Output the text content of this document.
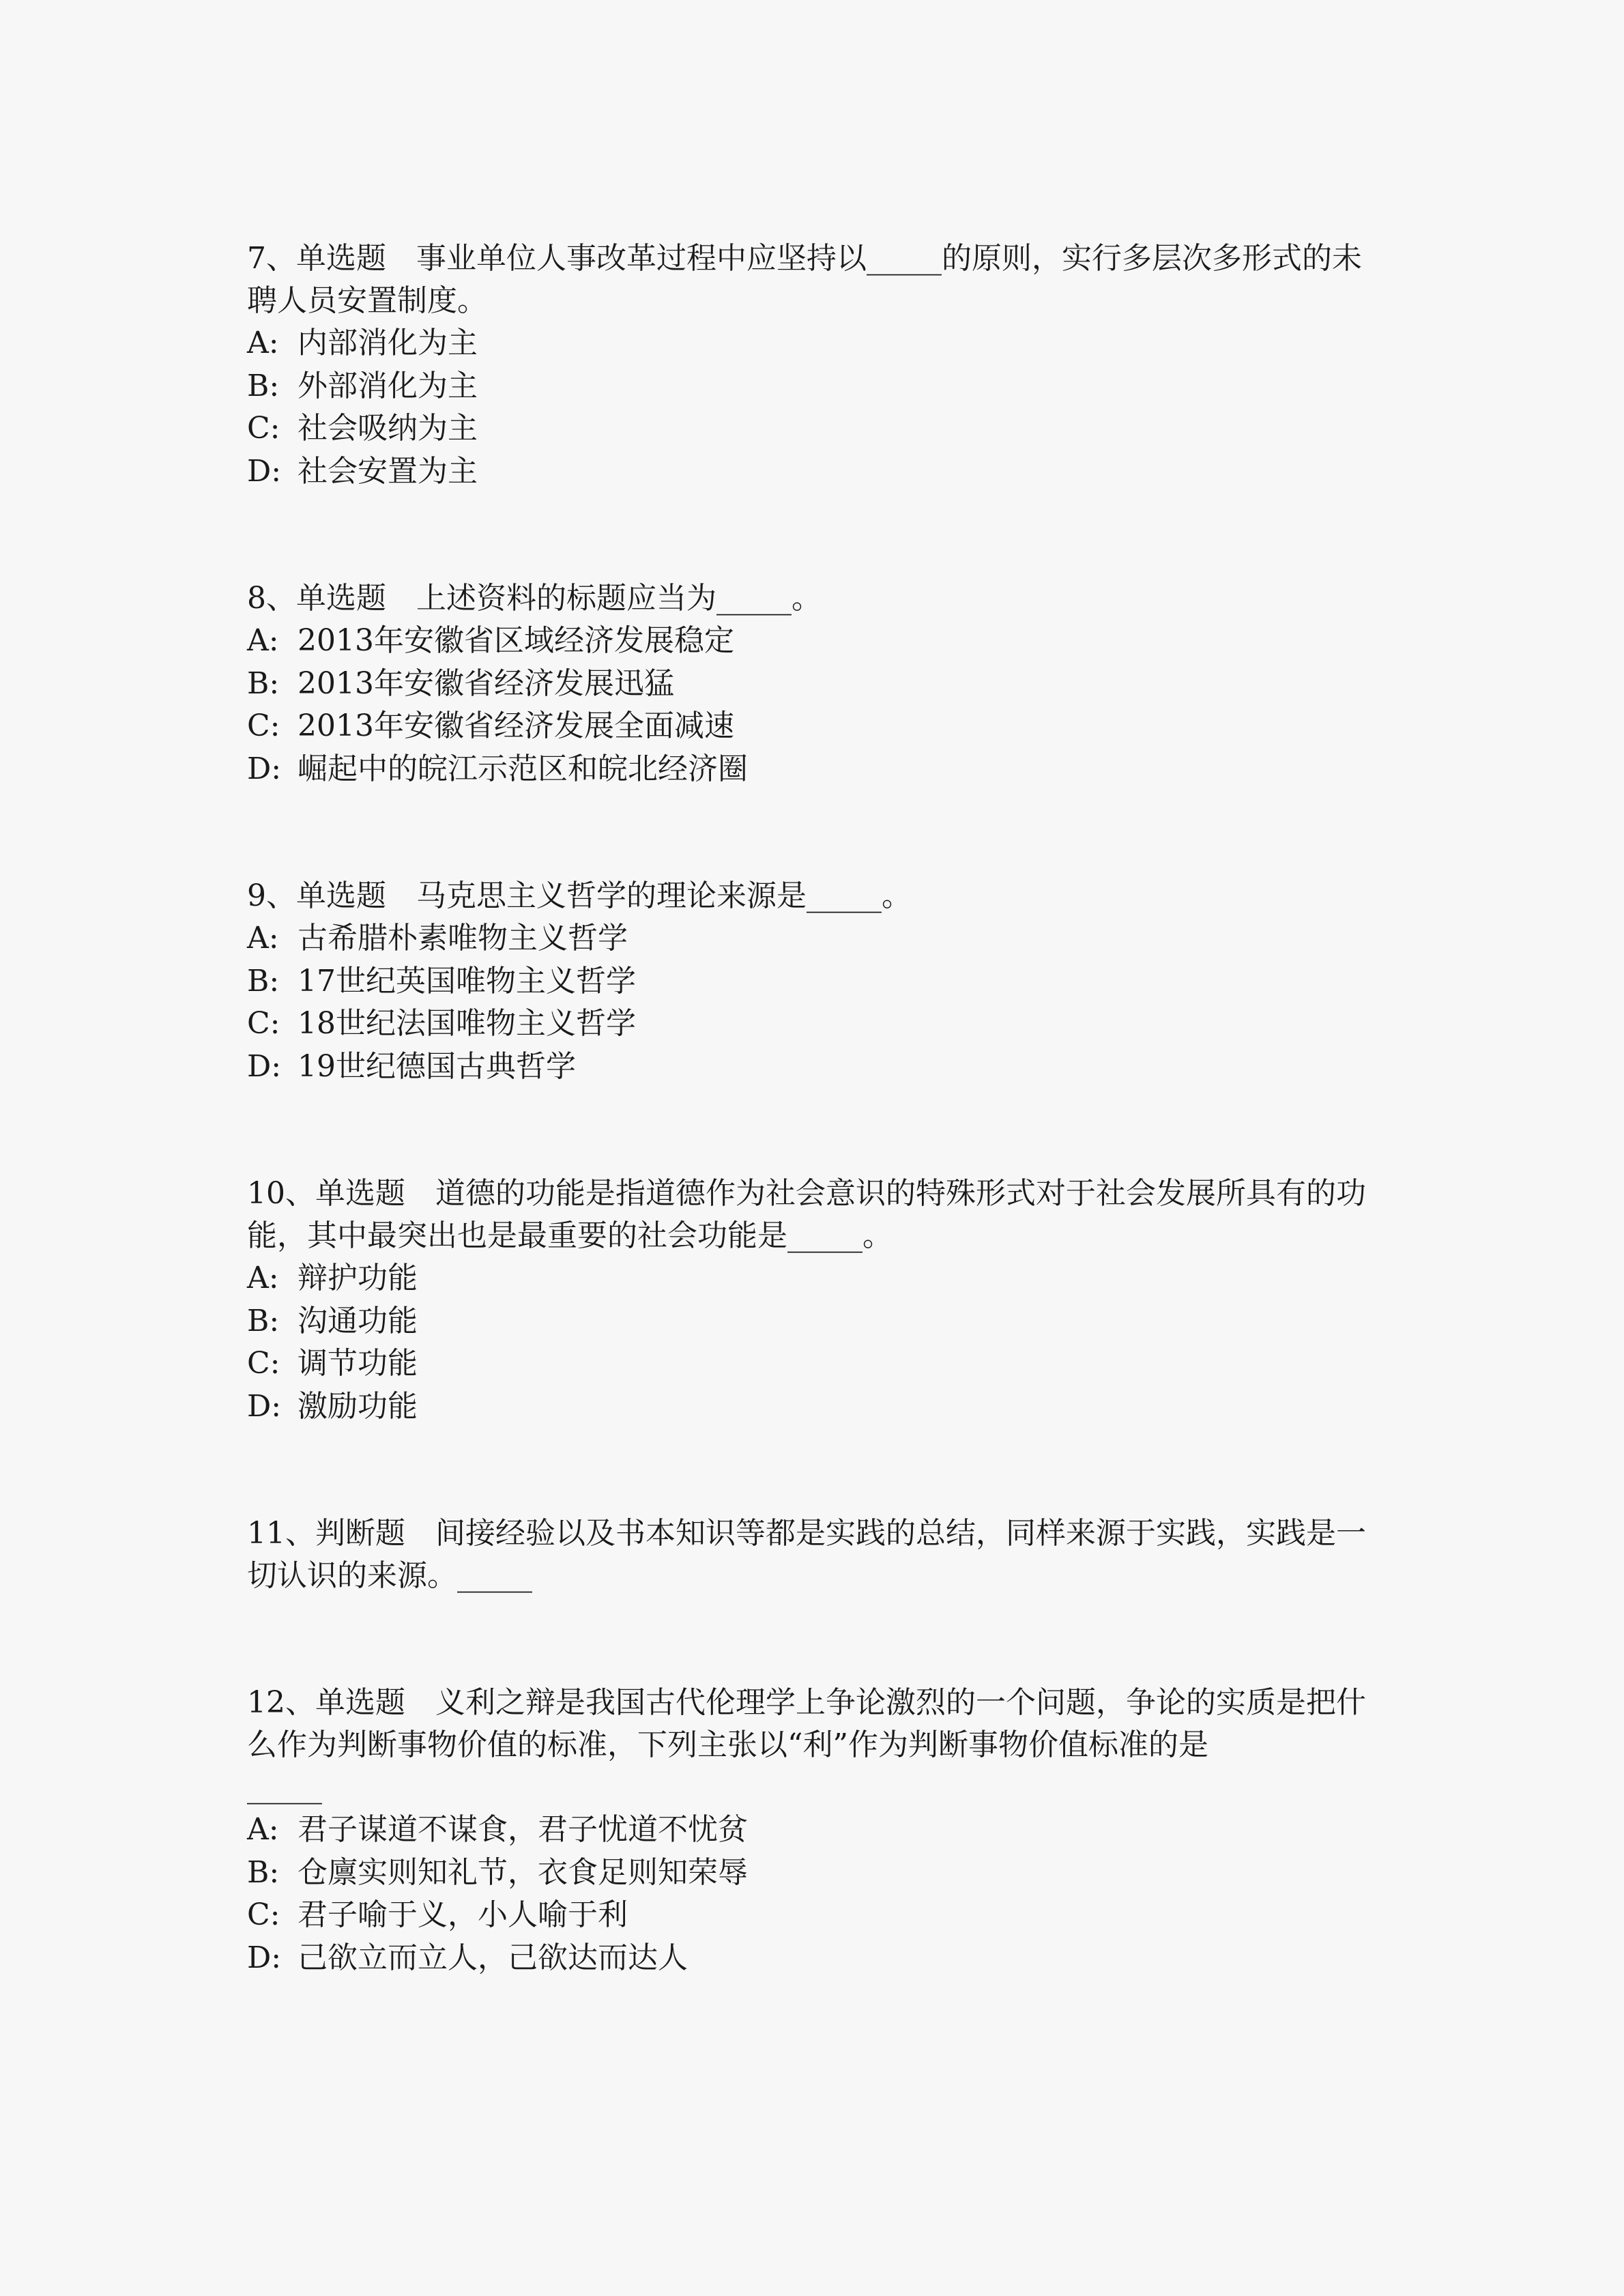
7、单选题 事业单位人事改革过程中应坚持以_____的原则，实行多层次多形式的未聘人员安置制度。

A: 内部消化为主

B: 外部消化为主

C: 社会吸纳为主

D: 社会安置为主

8、单选题 上述资料的标题应当为_____。

A: 2013年安徽省区域经济发展稳定

B: 2013年安徽省经济发展迅猛

C: 2013年安徽省经济发展全面减速

D: 崛起中的皖江示范区和皖北经济圈

9、单选题 马克思主义哲学的理论来源是_____。

A: 古希腊朴素唯物主义哲学

B: 17世纪英国唯物主义哲学

C: 18世纪法国唯物主义哲学

D: 19世纪德国古典哲学

10、单选题 道德的功能是指道德作为社会意识的特殊形式对于社会发展所具有的功能，其中最突出也是最重要的社会功能是_____。

A: 辩护功能

B: 沟通功能

C: 调节功能

D: 激励功能

11、判断题 间接经验以及书本知识等都是实践的总结，同样来源于实践，实践是一切认识的来源。_____

12、单选题 义利之辩是我国古代伦理学上争论激烈的一个问题，争论的实质是把什么作为判断事物价值的标准，下列主张以“利”作为判断事物价值标准的是

_____

A: 君子谋道不谋食，君子忧道不忧贫

B: 仓廪实则知礼节，衣食足则知荣辱

C: 君子喻于义，小人喻于利

D: 己欲立而立人，己欲达而达人
